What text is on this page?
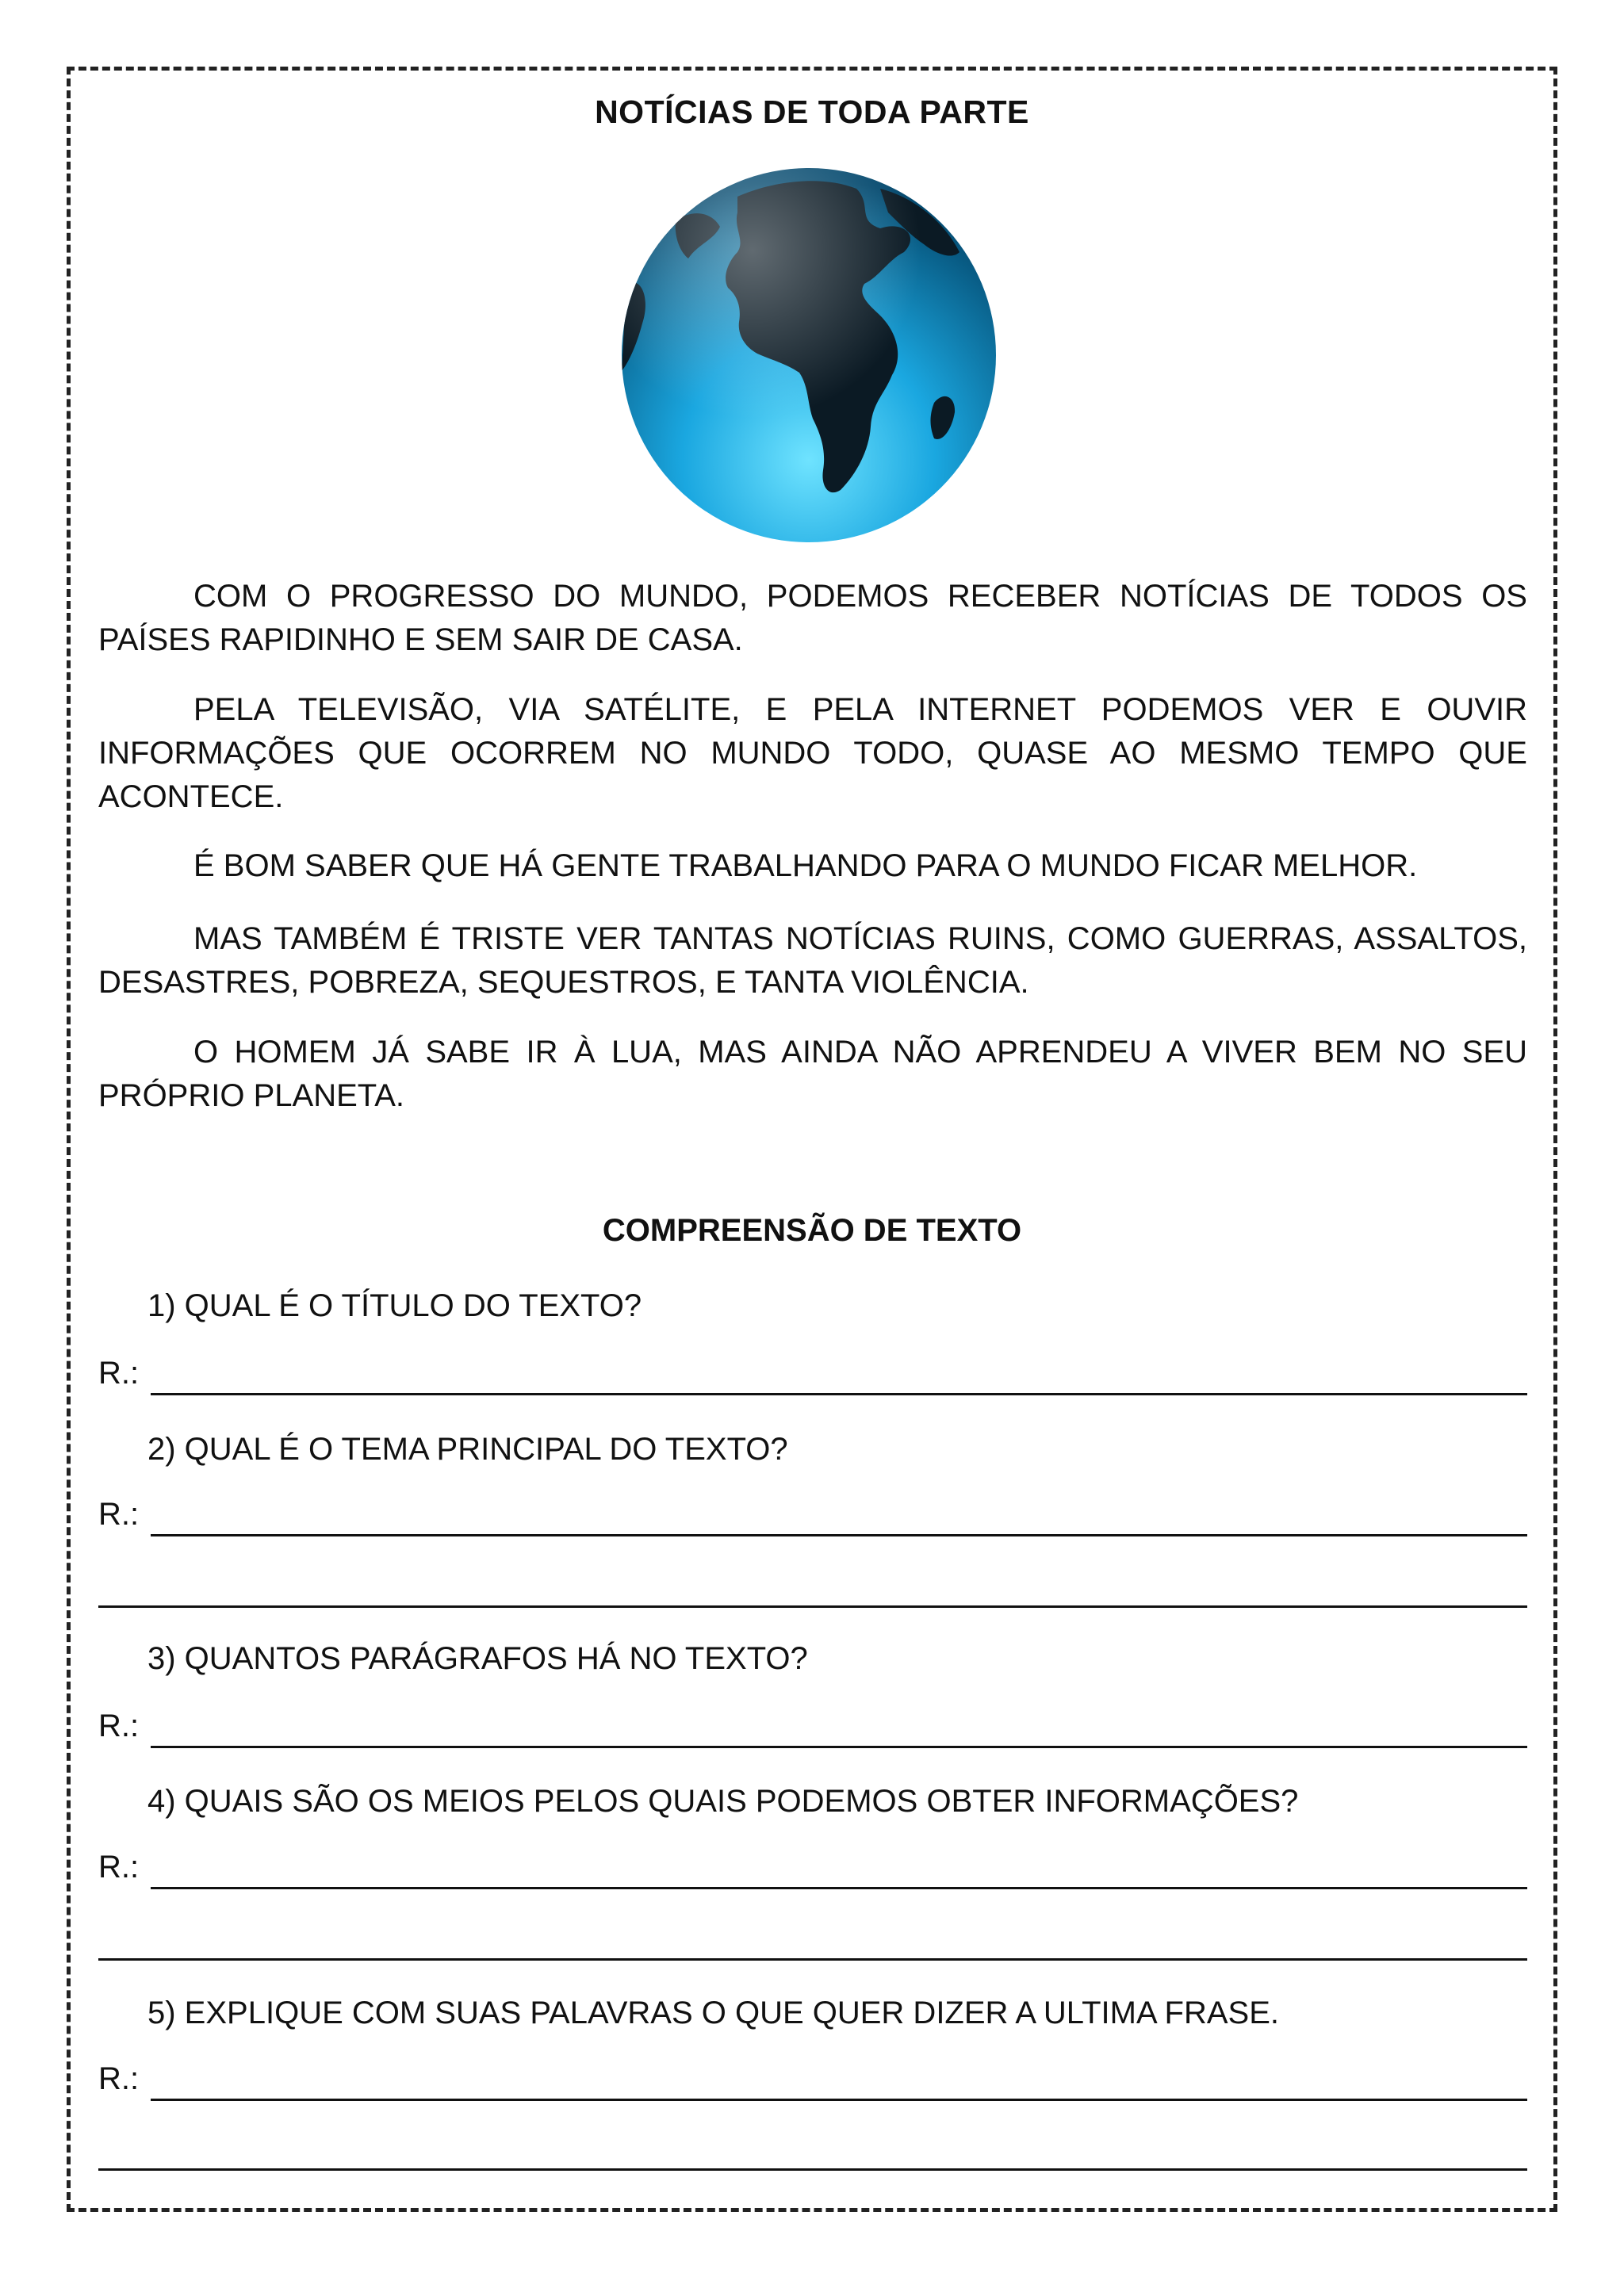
NOTÍCIAS DE TODA PARTE
COM O PROGRESSO DO MUNDO, PODEMOS RECEBER NOTÍCIAS DE TODOS OS PAÍSES RAPIDINHO E SEM SAIR DE CASA.
PELA TELEVISÃO, VIA SATÉLITE, E PELA INTERNET PODEMOS VER E OUVIR INFORMAÇÕES QUE OCORREM NO MUNDO TODO, QUASE AO MESMO TEMPO QUE ACONTECE.
É BOM SABER QUE HÁ GENTE TRABALHANDO PARA O MUNDO FICAR MELHOR.
MAS TAMBÉM É TRISTE VER TANTAS NOTÍCIAS RUINS, COMO GUERRAS, ASSALTOS, DESASTRES, POBREZA, SEQUESTROS, E TANTA VIOLÊNCIA.
O HOMEM JÁ SABE IR À LUA, MAS AINDA NÃO APRENDEU A VIVER BEM NO SEU PRÓPRIO PLANETA.
COMPREENSÃO DE TEXTO
1) QUAL É O TÍTULO DO TEXTO?
R.:
2) QUAL É O TEMA PRINCIPAL DO TEXTO?
R.:
3) QUANTOS PARÁGRAFOS HÁ NO TEXTO?
R.:
4) QUAIS SÃO OS MEIOS PELOS QUAIS PODEMOS OBTER INFORMAÇÕES?
R.:
5) EXPLIQUE COM SUAS PALAVRAS O QUE QUER DIZER A ULTIMA FRASE.
R.:
